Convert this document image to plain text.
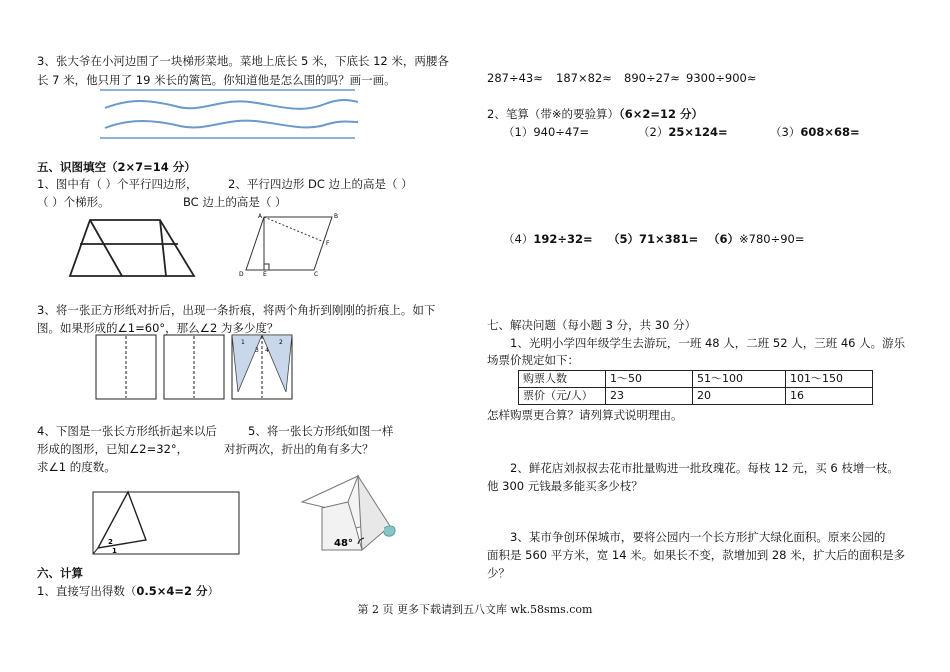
3、张大爷在小河边围了一块梯形菜地。菜地上底长 5 米，下底长 12 米，两腰各
长 7 米，他只用了 19 米长的篱笆。你知道他是怎么围的吗？画一画。
五、识图填空（2×7=14 分）
1、图中有（ ）个平行四边形，	2、平行四边形 DC 边上的高是（ ）
（ ）个梯形。	BC 边上的高是（ ）
A	B
F
D	E	C
3、将一张正方形纸对折后，出现一条折痕，将两个角折到刚刚的折痕上。如下
图。如果形成的∠1=60°，那么∠2 为多少度？
3 4
1	2
4、下图是一张长方形纸折起来以后	5、将一张长方形纸如图一样
形成的图形，已知∠2=32°，	对折两次，折出的角有多大？
求∠1 的度数。
2
1
48°
六、计算
1、直接写出得数（0.5×4=2 分）
287÷43≈ 187×82≈ 890÷27≈ 9300÷900≈
2、笔算（带※的要验算）（6×2=12 分）
（1）940÷47=	（2）25×124=	（3）608×68=
（4）192÷32= （5）71×381= （6）※780÷90=
七、解决问题（每小题 3 分，共 30 分）
1、光明小学四年级学生去游玩，一班 48 人，二班 52 人，三班 46 人。游乐
场票价规定如下：
购票人数	1～50	51～100	101～150
票价（元/人）	23	20	16
怎样购票更合算？请列算式说明理由。
2、鲜花店刘叔叔去花市批量购进一批玫瑰花。每枝 12 元，买 6 枝增一枝。
他 300 元钱最多能买多少枝？
3、某市争创环保城市，要将公园内一个长方形扩大绿化面积。原来公园的
面积是 560 平方米，宽 14 米。如果长不变，款增加到 28 米，扩大后的面积是多
少？
第 2 页 更多下载请到五八文库 wk.58sms.com
